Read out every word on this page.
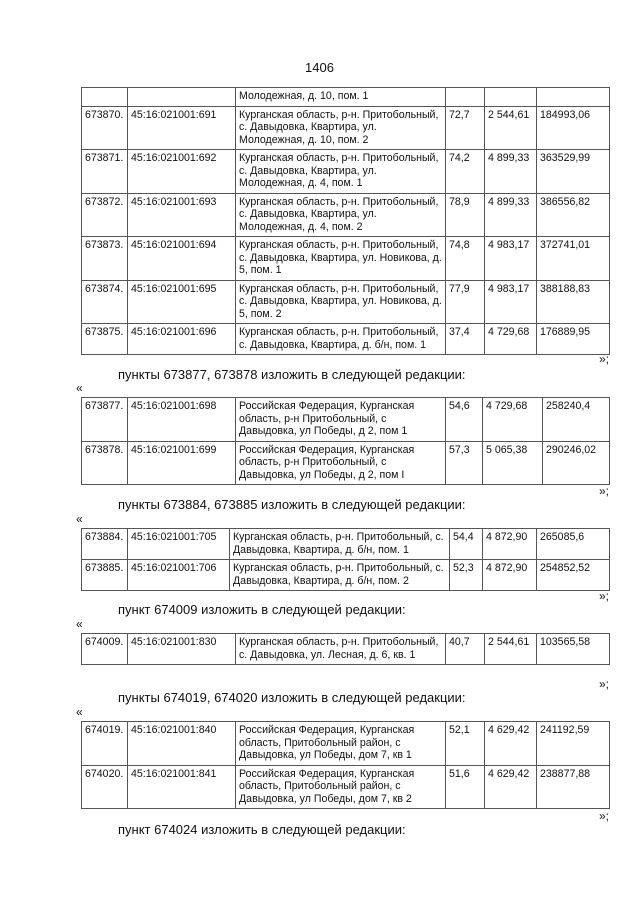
1406
		Молодежная, д. 10, пом. 1			
673870.	45:16:021001:691	Курганская область, р-н. Притобольный, с. Давыдовка, Квартира, ул. Молодежная, д. 10, пом. 2	72,7	2 544,61	184993,06
673871.	45:16:021001:692	Курганская область, р-н. Притобольный, с. Давыдовка, Квартира, ул. Молодежная, д. 4, пом. 1	74,2	4 899,33	363529,99
673872.	45:16:021001:693	Курганская область, р-н. Притобольный, с. Давыдовка, Квартира, ул. Молодежная, д. 4, пом. 2	78,9	4 899,33	386556,82
673873.	45:16:021001:694	Курганская область, р-н. Притобольный, с. Давыдовка, Квартира, ул. Новикова, д. 5, пом. 1	74,8	4 983,17	372741,01
673874.	45:16:021001:695	Курганская область, р-н. Притобольный, с. Давыдовка, Квартира, ул. Новикова, д. 5, пом. 2	77,9	4 983,17	388188,83
673875.	45:16:021001:696	Курганская область, р-н. Притобольный, с. Давыдовка, Квартира, д. б/н, пом. 1	37,4	4 729,68	176889,95
»;
пункты 673877, 673878 изложить в следующей редакции:
«
673877.	45:16:021001:698	Российская Федерация, Курганская область, р-н Притобольный, с Давыдовка, ул Победы, д 2, пом 1	54,6	4 729,68	258240,4
673878.	45:16:021001:699	Российская Федерация, Курганская область, р-н Притобольный, с Давыдовка, ул Победы, д 2, пом I	57,3	5 065,38	290246,02
»;
пункты 673884, 673885 изложить в следующей редакции:
«
673884.	45:16:021001:705	Курганская область, р-н. Притобольный, с. Давыдовка, Квартира, д. б/н, пом. 1	54,4	4 872,90	265085,6
673885.	45:16:021001:706	Курганская область, р-н. Притобольный, с. Давыдовка, Квартира, д. б/н, пом. 2	52,3	4 872,90	254852,52
»;
пункт 674009 изложить в следующей редакции:
«
674009.	45:16:021001:830	Курганская область, р-н. Притобольный, с. Давыдовка, ул. Лесная, д. 6, кв. 1	40,7	2 544,61	103565,58
»;
пункты 674019, 674020 изложить в следующей редакции:
«
674019.	45:16:021001:840	Российская Федерация, Курганская область, Притобольный район, с Давыдовка, ул Победы, дом 7, кв 1	52,1	4 629,42	241192,59
674020.	45:16:021001:841	Российская Федерация, Курганская область, Притобольный район, с Давыдовка, ул Победы, дом 7, кв 2	51,6	4 629,42	238877,88
»;
пункт 674024 изложить в следующей редакции:
